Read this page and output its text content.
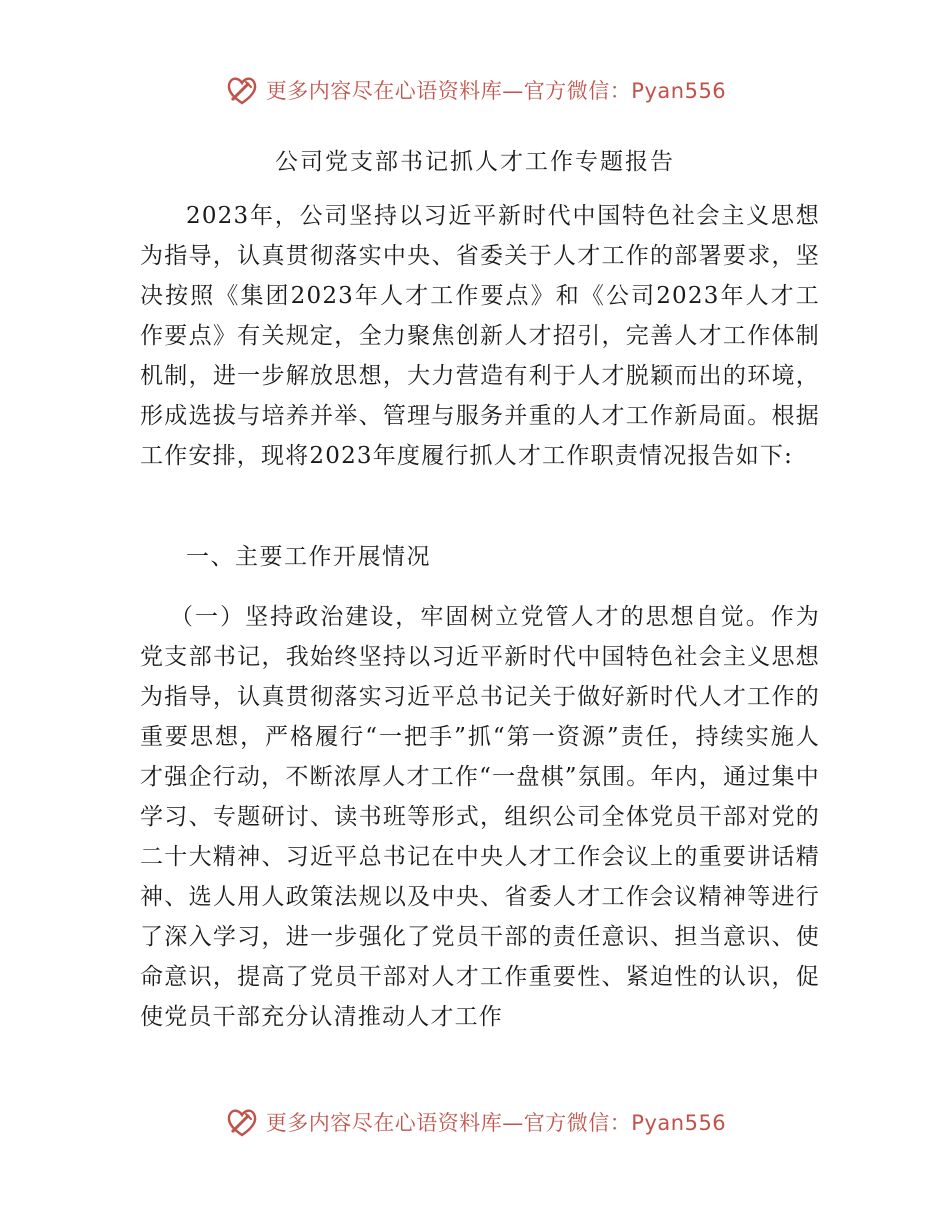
更多内容尽在心语资料库—官方微信：Pyan556
公司党支部书记抓人才工作专题报告
2023年，公司坚持以习近平新时代中国特色社会主义思想为指导，认真贯彻落实中央、省委关于人才工作的部署要求，坚决按照《集团2023年人才工作要点》和《公司2023年人才工作要点》有关规定，全力聚焦创新人才招引，完善人才工作体制机制，进一步解放思想，大力营造有利于人才脱颖而出的环境，形成选拔与培养并举、管理与服务并重的人才工作新局面。根据工作安排，现将2023年度履行抓人才工作职责情况报告如下:
一、主要工作开展情况
（一）坚持政治建设，牢固树立党管人才的思想自觉。作为党支部书记，我始终坚持以习近平新时代中国特色社会主义思想为指导，认真贯彻落实习近平总书记关于做好新时代人才工作的重要思想，严格履行“一把手”抓“第一资源”责任，持续实施人才强企行动，不断浓厚人才工作“一盘棋”氛围。年内，通过集中学习、专题研讨、读书班等形式，组织公司全体党员干部对党的二十大精神、习近平总书记在中央人才工作会议上的重要讲话精神、选人用人政策法规以及中央、省委人才工作会议精神等进行了深入学习，进一步强化了党员干部的责任意识、担当意识、使命意识，提高了党员干部对人才工作重要性、紧迫性的认识，促使党员干部充分认清推动人才工作
更多内容尽在心语资料库—官方微信：Pyan556
